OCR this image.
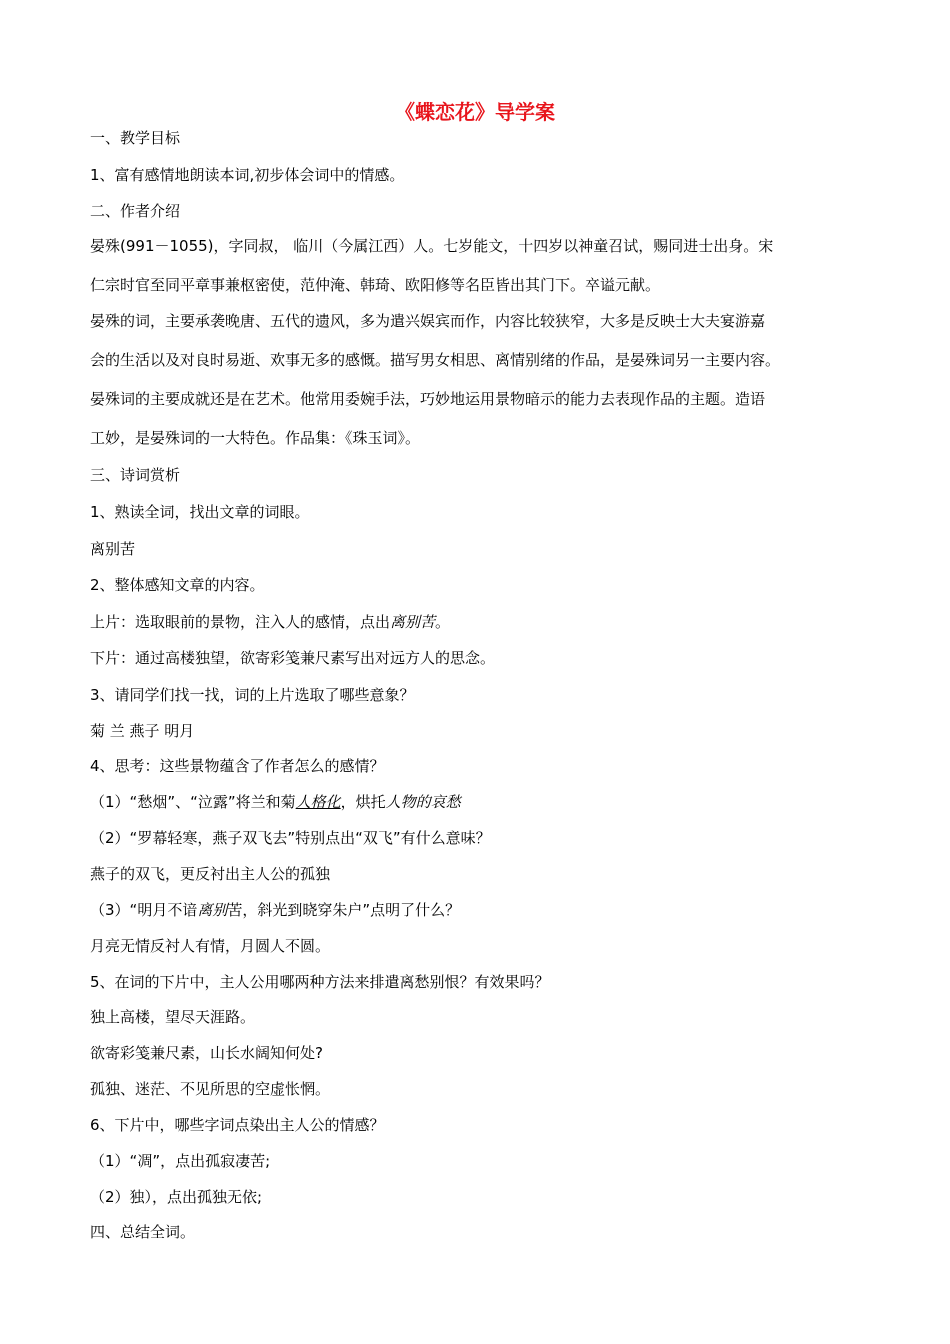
《蝶恋花》导学案
一、教学目标
1、富有感情地朗读本词,初步体会词中的情感。
二、作者介绍
晏殊(991－1055)，字同叔， 临川（今属江西）人。七岁能文，十四岁以神童召试，赐同进士出身。宋
仁宗时官至同平章事兼枢密使，范仲淹、韩琦、欧阳修等名臣皆出其门下。卒谥元献。
晏殊的词，主要承袭晚唐、五代的遗风，多为遣兴娱宾而作，内容比较狭窄，大多是反映士大夫宴游嘉
会的生活以及对良时易逝、欢事无多的感慨。描写男女相思、离情别绪的作品，是晏殊词另一主要内容。
晏殊词的主要成就还是在艺术。他常用委婉手法，巧妙地运用景物暗示的能力去表现作品的主题。造语
工妙，是晏殊词的一大特色。作品集：《珠玉词》。
三、诗词赏析
1、熟读全词，找出文章的词眼。
离别苦
2、整体感知文章的内容。
上片：选取眼前的景物，注入人的感情，点出离别苦。
下片：通过高楼独望，欲寄彩笺兼尺素写出对远方人的思念。
3、请同学们找一找，词的上片选取了哪些意象？
菊 兰 燕子 明月
4、思考：这些景物蕴含了作者怎么的感情？
（1）“愁烟”、“泣露”将兰和菊人格化，烘托人物的哀愁
（2）“罗幕轻寒，燕子双飞去”特别点出“双飞”有什么意味？
燕子的双飞，更反衬出主人公的孤独
（3）“明月不谙离别苦，斜光到晓穿朱户”点明了什么？
月亮无情反衬人有情，月圆人不圆。
5、在词的下片中，主人公用哪两种方法来排遣离愁别恨？有效果吗？
独上高楼，望尽天涯路。
欲寄彩笺兼尺素，山长水阔知何处?
孤独、迷茫、不见所思的空虚怅惘。
6、下片中，哪些字词点染出主人公的情感？
（1）“凋”，点出孤寂凄苦;
（2）独），点出孤独无依;
四、总结全词。
